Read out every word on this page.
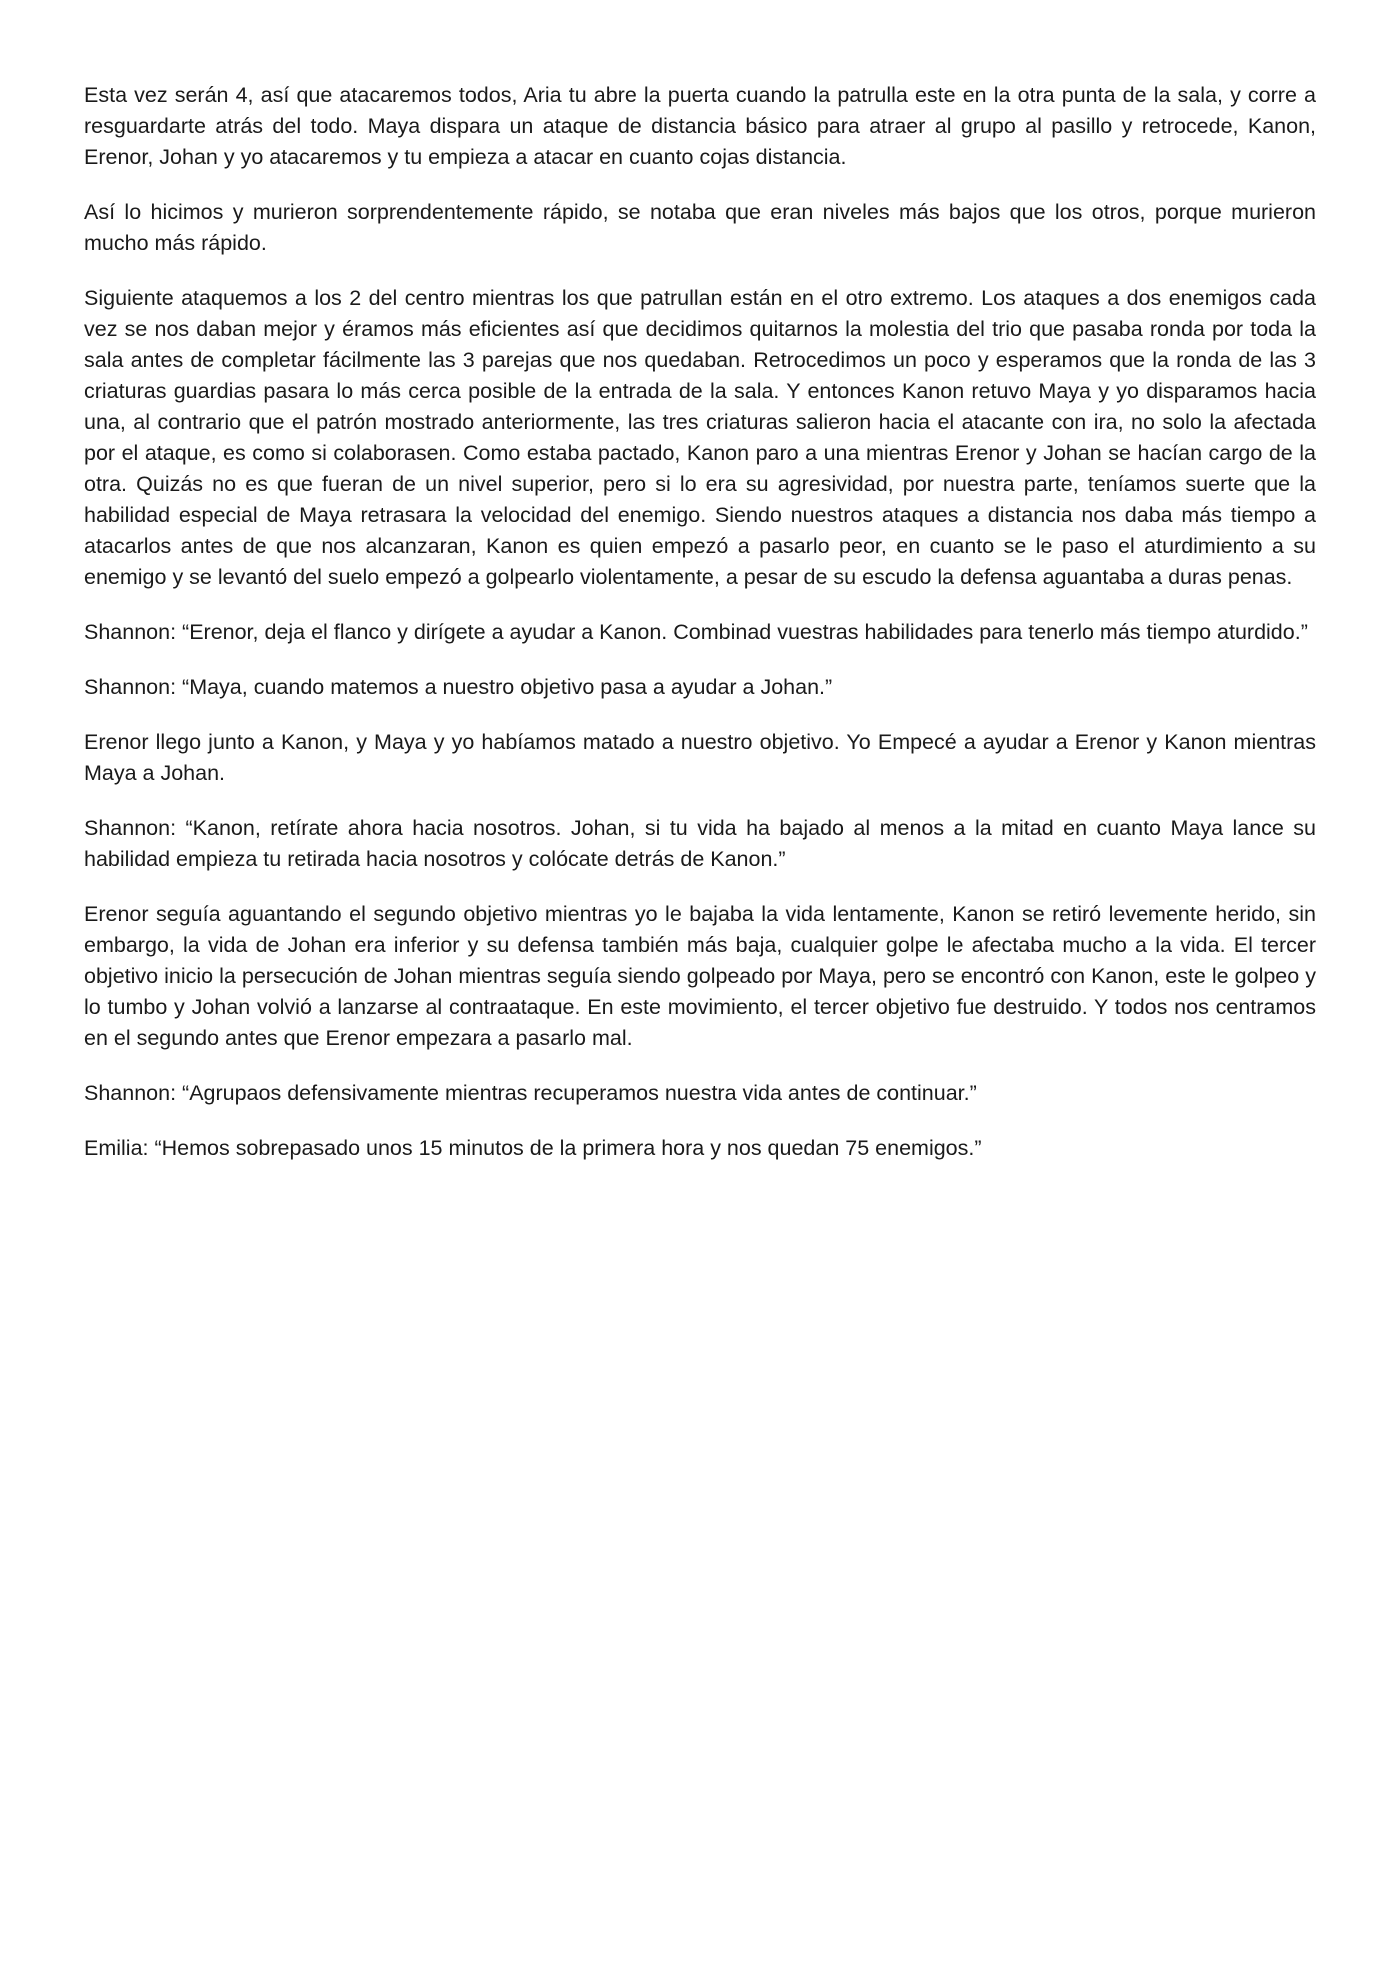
Esta vez serán 4, así que atacaremos todos, Aria tu abre la puerta cuando la patrulla este en la otra punta de la sala, y corre a resguardarte atrás del todo. Maya dispara un ataque de distancia básico para atraer al grupo al pasillo y retrocede, Kanon, Erenor, Johan y yo atacaremos y tu empieza a atacar en cuanto cojas distancia.

Así lo hicimos y murieron sorprendentemente rápido, se notaba que eran niveles más bajos que los otros, porque murieron mucho más rápido.

Siguiente ataquemos a los 2 del centro mientras los que patrullan están en el otro extremo. Los ataques a dos enemigos cada vez se nos daban mejor y éramos más eficientes así que decidimos quitarnos la molestia del trio que pasaba ronda por toda la sala antes de completar fácilmente las 3 parejas que nos quedaban. Retrocedimos un poco y esperamos que la ronda de las 3 criaturas guardias pasara lo más cerca posible de la entrada de la sala. Y entonces Kanon retuvo Maya y yo disparamos hacia una, al contrario que el patrón mostrado anteriormente, las tres criaturas salieron hacia el atacante con ira, no solo la afectada por el ataque, es como si colaborasen. Como estaba pactado, Kanon paro a una mientras Erenor y Johan se hacían cargo de la otra. Quizás no es que fueran de un nivel superior, pero si lo era su agresividad, por nuestra parte, teníamos suerte que la habilidad especial de Maya retrasara la velocidad del enemigo. Siendo nuestros ataques a distancia nos daba más tiempo a atacarlos antes de que nos alcanzaran, Kanon es quien empezó a pasarlo peor, en cuanto se le paso el aturdimiento a su enemigo y se levantó del suelo empezó a golpearlo violentamente, a pesar de su escudo la defensa aguantaba a duras penas.

Shannon: “Erenor, deja el flanco y dirígete a ayudar a Kanon. Combinad vuestras habilidades para tenerlo más tiempo aturdido.”

Shannon: “Maya, cuando matemos a nuestro objetivo pasa a ayudar a Johan.”

Erenor llego junto a Kanon, y Maya y yo habíamos matado a nuestro objetivo. Yo Empecé a ayudar a Erenor y Kanon mientras Maya a Johan.

Shannon: “Kanon, retírate ahora hacia nosotros. Johan, si tu vida ha bajado al menos a la mitad en cuanto Maya lance su habilidad empieza tu retirada hacia nosotros y colócate detrás de Kanon.”

Erenor seguía aguantando el segundo objetivo mientras yo le bajaba la vida lentamente, Kanon se retiró levemente herido, sin embargo, la vida de Johan era inferior y su defensa también más baja, cualquier golpe le afectaba mucho a la vida. El tercer objetivo inicio la persecución de Johan mientras seguía siendo golpeado por Maya, pero se encontró con Kanon, este le golpeo y lo tumbo y Johan volvió a lanzarse al contraataque. En este movimiento, el tercer objetivo fue destruido. Y todos nos centramos en el segundo antes que Erenor empezara a pasarlo mal.

Shannon: “Agrupaos defensivamente mientras recuperamos nuestra vida antes de continuar.”

Emilia: “Hemos sobrepasado unos 15 minutos de la primera hora y nos quedan 75 enemigos.”
